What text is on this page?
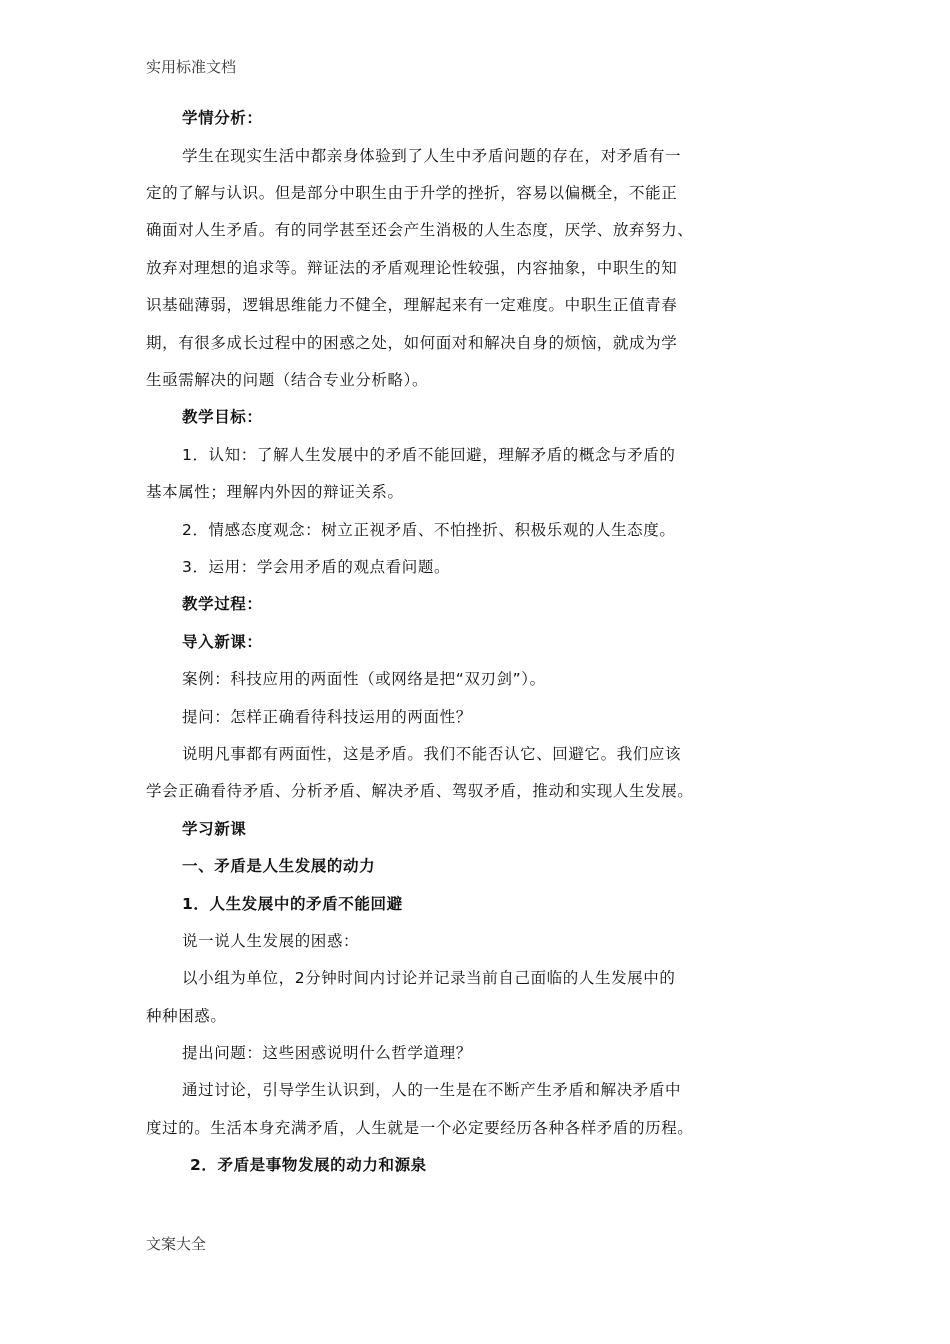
实用标准文档
学情分析：
学生在现实生活中都亲身体验到了人生中矛盾问题的存在，对矛盾有一
定的了解与认识。但是部分中职生由于升学的挫折，容易以偏概全，不能正
确面对人生矛盾。有的同学甚至还会产生消极的人生态度，厌学、放弃努力、
放弃对理想的追求等。辩证法的矛盾观理论性较强，内容抽象，中职生的知
识基础薄弱，逻辑思维能力不健全，理解起来有一定难度。中职生正值青春
期，有很多成长过程中的困惑之处，如何面对和解决自身的烦恼，就成为学
生亟需解决的问题（结合专业分析略）。
教学目标：
1．认知：了解人生发展中的矛盾不能回避，理解矛盾的概念与矛盾的
基本属性；理解内外因的辩证关系。
2．情感态度观念：树立正视矛盾、不怕挫折、积极乐观的人生态度。
3．运用：学会用矛盾的观点看问题。
教学过程：
导入新课：
案例：科技应用的两面性（或网络是把“双刃剑”）。
提问：怎样正确看待科技运用的两面性？
说明凡事都有两面性，这是矛盾。我们不能否认它、回避它。我们应该
学会正确看待矛盾、分析矛盾、解决矛盾、驾驭矛盾，推动和实现人生发展。
学习新课
一、矛盾是人生发展的动力
1．人生发展中的矛盾不能回避
说一说人生发展的困惑：
以小组为单位，2分钟时间内讨论并记录当前自己面临的人生发展中的
种种困惑。
提出问题：这些困惑说明什么哲学道理？
通过讨论，引导学生认识到，人的一生是在不断产生矛盾和解决矛盾中
度过的。生活本身充满矛盾，人生就是一个必定要经历各种各样矛盾的历程。
2．矛盾是事物发展的动力和源泉
文案大全
